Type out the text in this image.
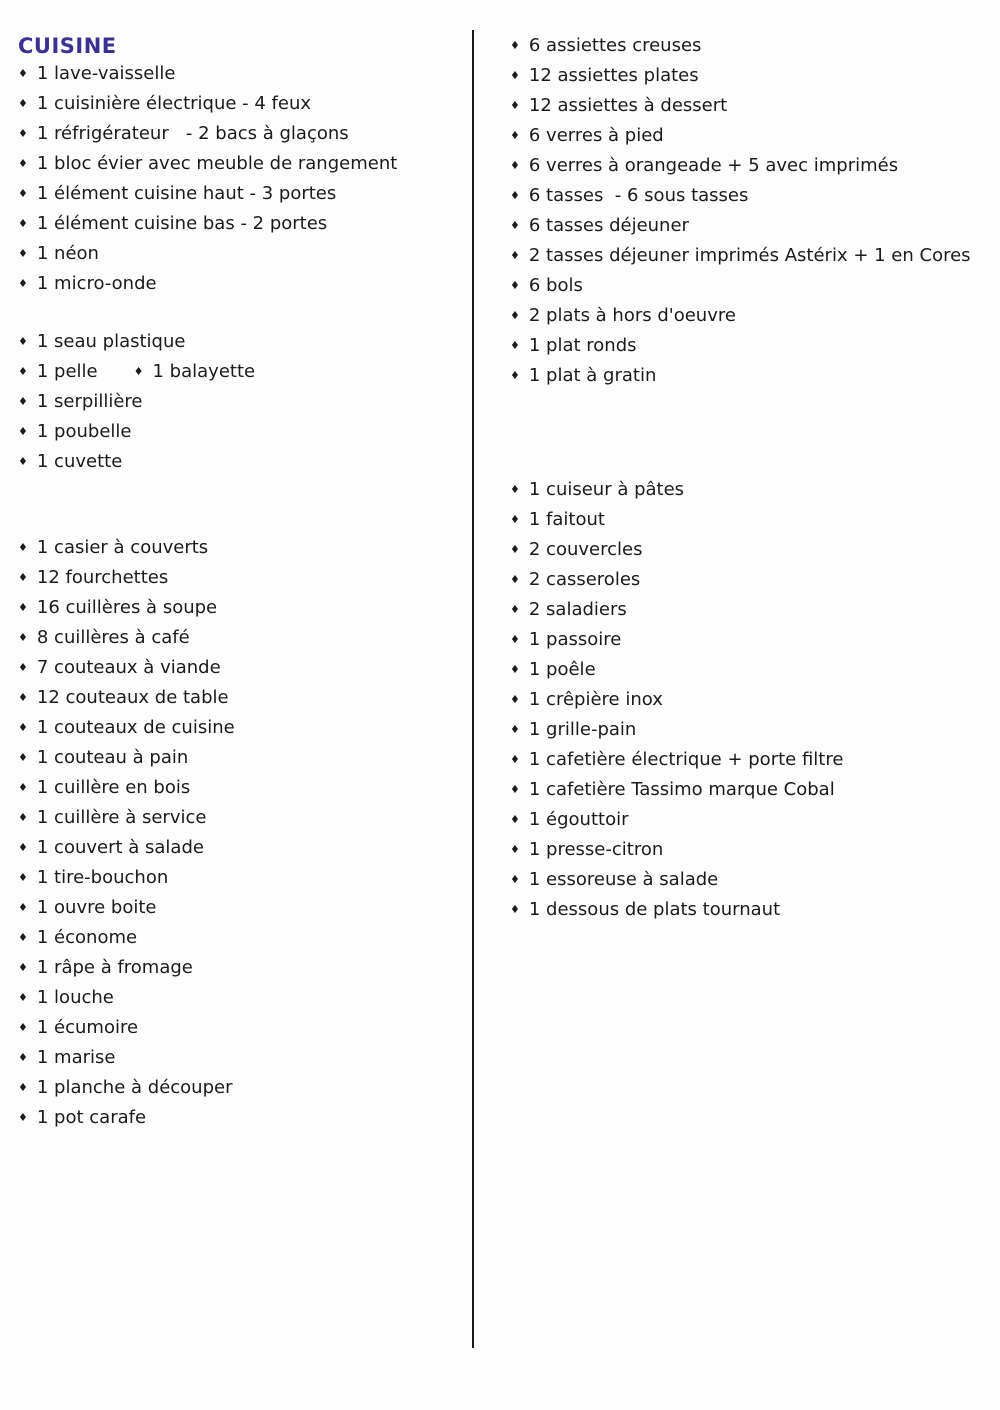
CUISINE
♦ 1 lave-vaisselle
♦ 1 cuisinière électrique - 4 feux
♦ 1 réfrigérateur   - 2 bacs à glaçons
♦ 1 bloc évier avec meuble de rangement
♦ 1 élément cuisine haut - 3 portes
♦ 1 élément cuisine bas - 2 portes
♦ 1 néon
♦ 1 micro-onde
♦ 1 seau plastique
♦ 1 pelle	♦ 1 balayette
♦ 1 serpillière
♦ 1 poubelle
♦ 1 cuvette
♦ 1 casier à couverts
♦ 12 fourchettes
♦ 16 cuillères à soupe
♦ 8 cuillères à café
♦ 7 couteaux à viande
♦ 12 couteaux de table
♦ 1 couteaux de cuisine
♦ 1 couteau à pain
♦ 1 cuillère en bois
♦ 1 cuillère à service
♦ 1 couvert à salade
♦ 1 tire-bouchon
♦ 1 ouvre boite
♦ 1 économe
♦ 1 râpe à fromage
♦ 1 louche
♦ 1 écumoire
♦ 1 marise
♦ 1 planche à découper
♦ 1 pot carafe
♦ 6 assiettes creuses
♦ 12 assiettes plates
♦ 12 assiettes à dessert
♦ 6 verres à pied
♦ 6 verres à orangeade + 5 avec imprimés
♦ 6 tasses  - 6 sous tasses
♦ 6 tasses déjeuner
♦ 2 tasses déjeuner imprimés Astérix + 1 en Cores
♦ 6 bols
♦ 2 plats à hors d'oeuvre
♦ 1 plat ronds
♦ 1 plat à gratin
♦ 1 cuiseur à pâtes
♦ 1 faitout
♦ 2 couvercles
♦ 2 casseroles
♦ 2 saladiers
♦ 1 passoire
♦ 1 poêle
♦ 1 crêpière inox
♦ 1 grille-pain
♦ 1 cafetière électrique + porte filtre
♦ 1 cafetière Tassimo marque Cobal
♦ 1 égouttoir
♦ 1 presse-citron
♦ 1 essoreuse à salade
♦ 1 dessous de plats tournaut
